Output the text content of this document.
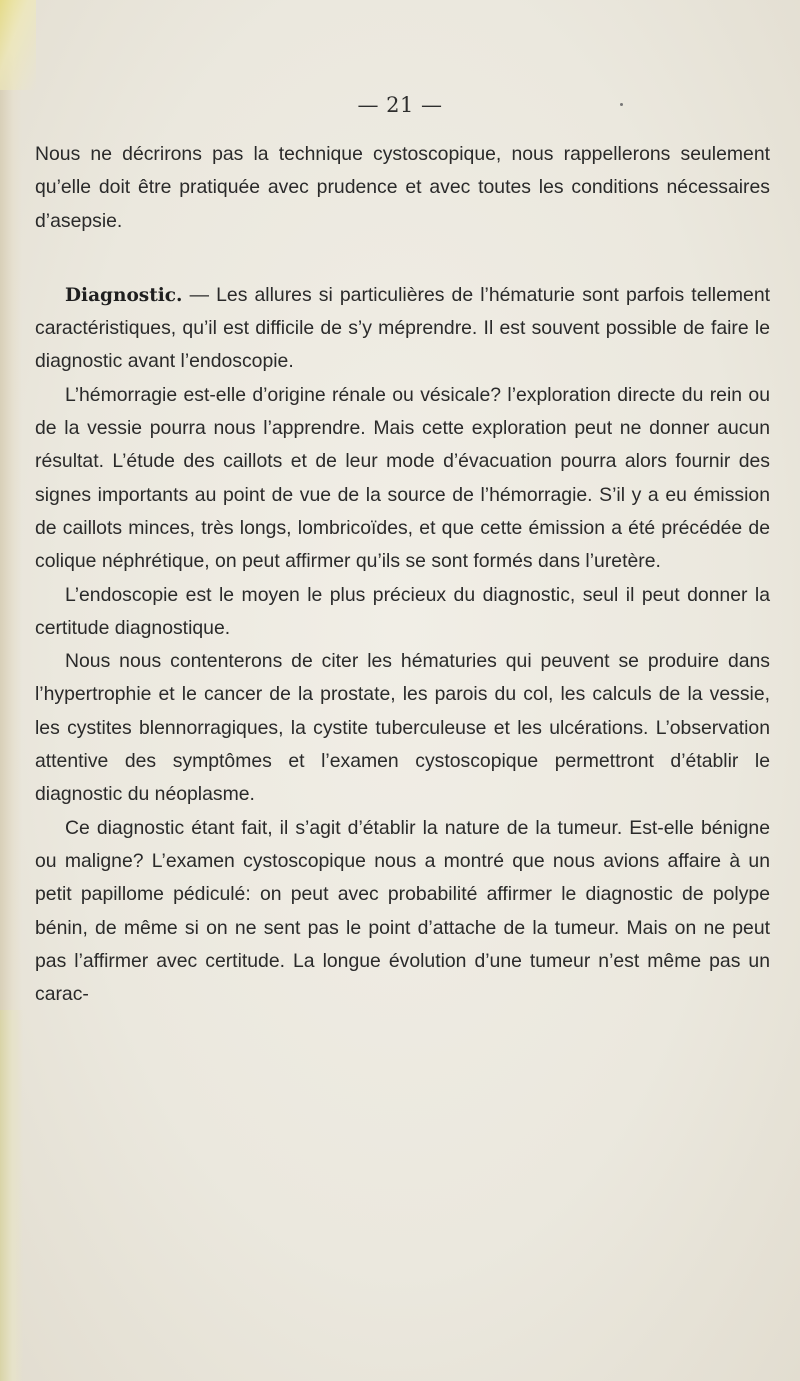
— 21 —

Nous ne décrirons pas la technique cystoscopique, nous rappellerons seulement qu’elle doit être pratiquée avec prudence et avec toutes les conditions nécessaires d’asepsie.

Diagnostic. — Les allures si particulières de l’hématurie sont parfois tellement caractéristiques, qu’il est difficile de s’y méprendre. Il est souvent possible de faire le diagnostic avant l’endoscopie.

L’hémorragie est-elle d’origine rénale ou vésicale? l’exploration directe du rein ou de la vessie pourra nous l’apprendre. Mais cette exploration peut ne donner aucun résultat. L’étude des caillots et de leur mode d’évacuation pourra alors fournir des signes importants au point de vue de la source de l’hémorragie. S’il y a eu émission de caillots minces, très longs, lombricoïdes, et que cette émission a été précédée de colique néphrétique, on peut affirmer qu’ils se sont formés dans l’uretère.

L’endoscopie est le moyen le plus précieux du diagnostic, seul il peut donner la certitude diagnostique.

Nous nous contenterons de citer les hématuries qui peuvent se produire dans l’hypertrophie et le cancer de la prostate, les parois du col, les calculs de la vessie, les cystites blennorragiques, la cystite tuberculeuse et les ulcérations. L’observation attentive des symptômes et l’examen cystoscopique permettront d’établir le diagnostic du néoplasme.

Ce diagnostic étant fait, il s’agit d’établir la nature de la tumeur. Est-elle bénigne ou maligne? L’examen cystoscopique nous a montré que nous avions affaire à un petit papillome pédiculé: on peut avec probabilité affirmer le diagnostic de polype bénin, de même si on ne sent pas le point d’attache de la tumeur. Mais on ne peut pas l’affirmer avec certitude. La longue évolution d’une tumeur n’est même pas un carac-
